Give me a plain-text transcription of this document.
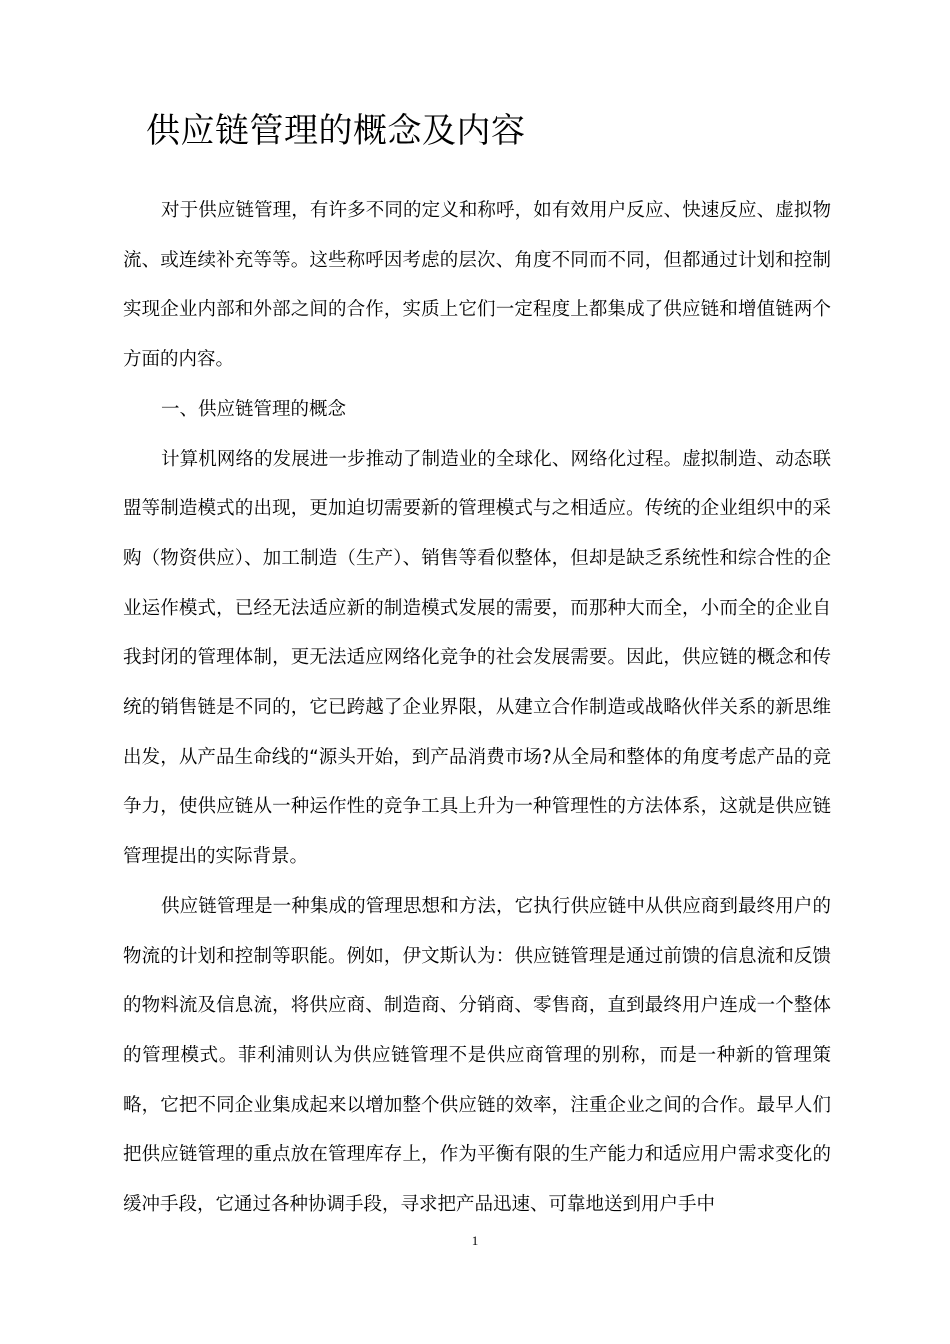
供应链管理的概念及内容

对于供应链管理，有许多不同的定义和称呼，如有效用户反应、快速反应、虚拟物流、或连续补充等等。这些称呼因考虑的层次、角度不同而不同，但都通过计划和控制实现企业内部和外部之间的合作，实质上它们一定程度上都集成了供应链和增值链两个方面的内容。

一、供应链管理的概念

计算机网络的发展进一步推动了制造业的全球化、网络化过程。虚拟制造、动态联盟等制造模式的出现，更加迫切需要新的管理模式与之相适应。传统的企业组织中的采购（物资供应）、加工制造（生产）、销售等看似整体，但却是缺乏系统性和综合性的企业运作模式，已经无法适应新的制造模式发展的需要，而那种大而全，小而全的企业自我封闭的管理体制，更无法适应网络化竞争的社会发展需要。因此，供应链的概念和传统的销售链是不同的，它已跨越了企业界限，从建立合作制造或战略伙伴关系的新思维出发，从产品生命线的“源头开始，到产品消费市场?从全局和整体的角度考虑产品的竞争力，使供应链从一种运作性的竞争工具上升为一种管理性的方法体系，这就是供应链管理提出的实际背景。

供应链管理是一种集成的管理思想和方法，它执行供应链中从供应商到最终用户的物流的计划和控制等职能。例如，伊文斯认为：供应链管理是通过前馈的信息流和反馈的物料流及信息流，将供应商、制造商、分销商、零售商，直到最终用户连成一个整体的管理模式。菲利浦则认为供应链管理不是供应商管理的别称，而是一种新的管理策略，它把不同企业集成起来以增加整个供应链的效率，注重企业之间的合作。最早人们把供应链管理的重点放在管理库存上，作为平衡有限的生产能力和适应用户需求变化的缓冲手段，它通过各种协调手段，寻求把产品迅速、可靠地送到用户手中

1
